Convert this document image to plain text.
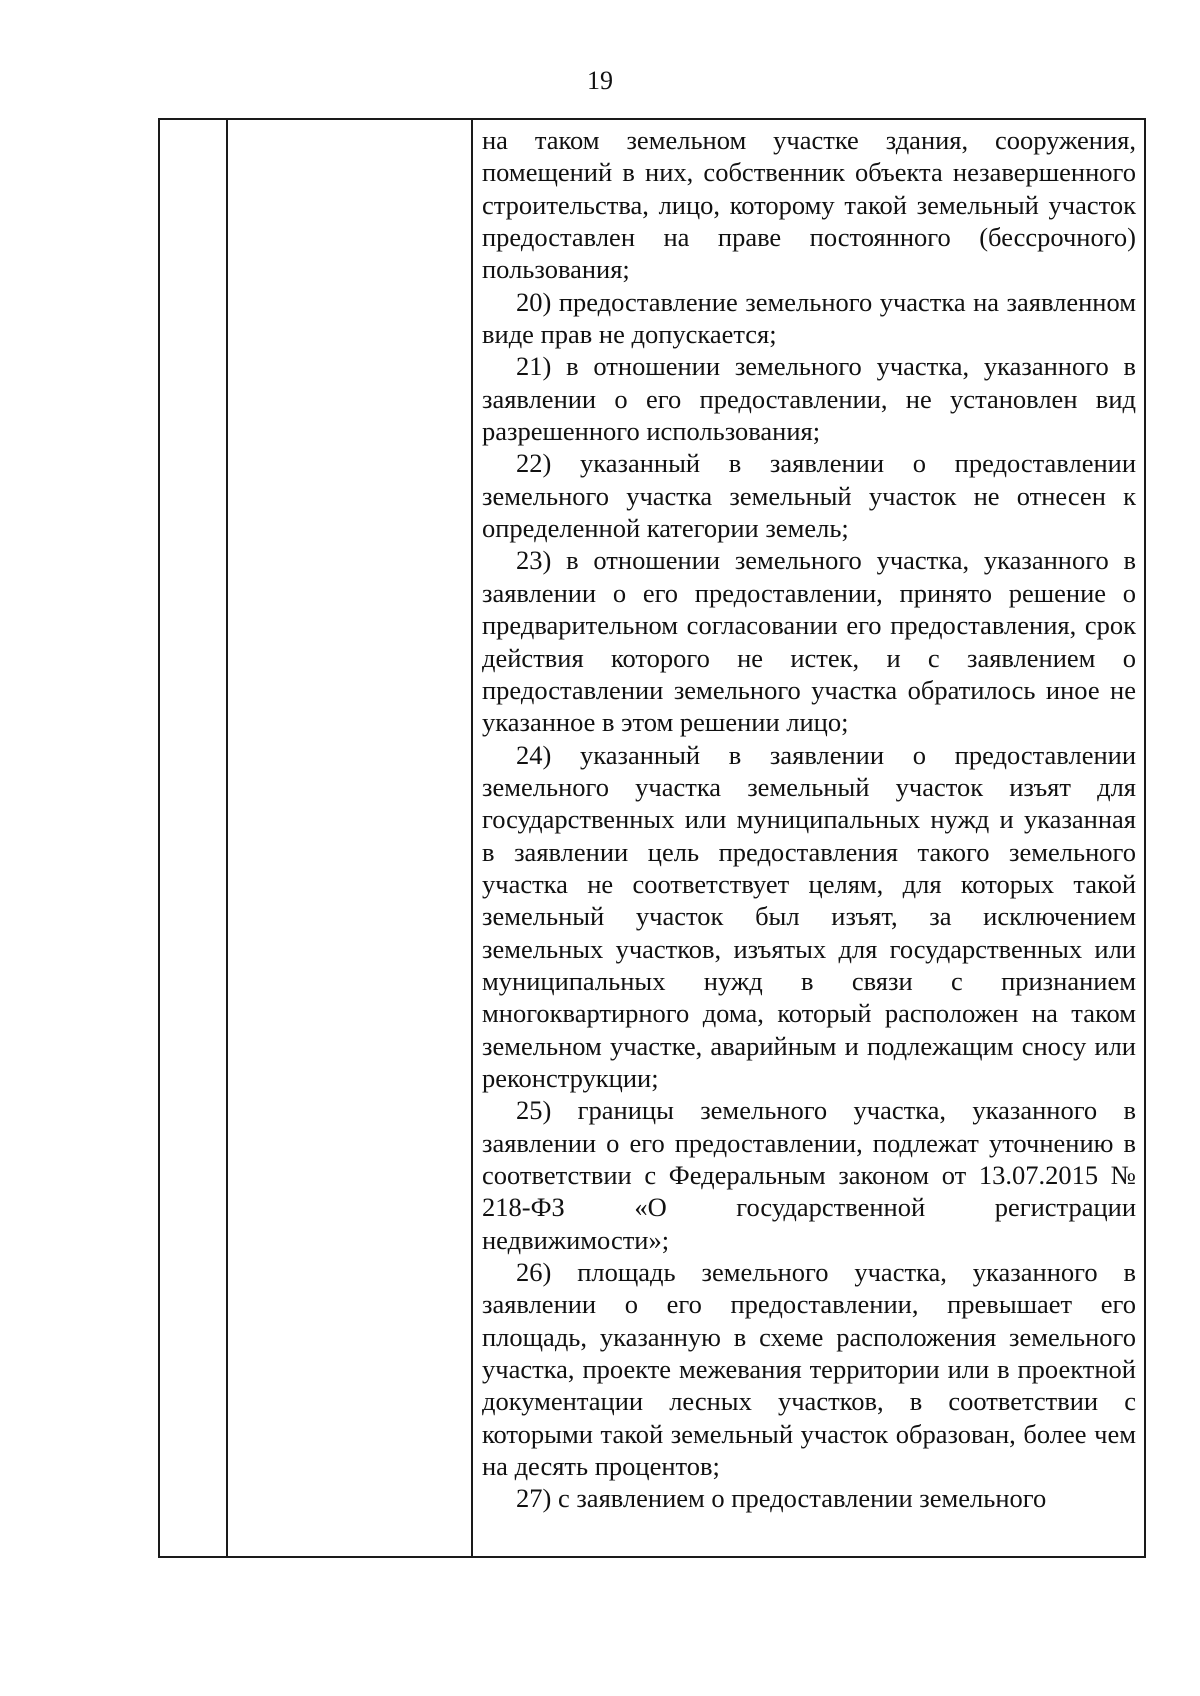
19

на таком земельном участке здания, сооружения, помещений в них, собственник объекта незавершенного строительства, лицо, которому такой земельный участок предоставлен на праве постоянного (бессрочного) пользования;

20) предоставление земельного участка на заявленном виде прав не допускается;

21) в отношении земельного участка, указанного в заявлении о его предоставлении, не установлен вид разрешенного использования;

22) указанный в заявлении о предоставлении земельного участка земельный участок не отнесен к определенной категории земель;

23) в отношении земельного участка, указанного в заявлении о его предоставлении, принято решение о предварительном согласовании его предоставления, срок действия которого не истек, и с заявлением о предоставлении земельного участка обратилось иное не указанное в этом решении лицо;

24) указанный в заявлении о предоставлении земельного участка земельный участок изъят для государственных или муниципальных нужд и указанная в заявлении цель предоставления такого земельного участка не соответствует целям, для которых такой земельный участок был изъят, за исключением земельных участков, изъятых для государственных или муниципальных нужд в связи с признанием многоквартирного дома, который расположен на таком земельном участке, аварийным и подлежащим сносу или реконструкции;

25) границы земельного участка, указанного в заявлении о его предоставлении, подлежат уточнению в соответствии с Федеральным законом от 13.07.2015 № 218-ФЗ «О государственной регистрации недвижимости»;

26) площадь земельного участка, указанного в заявлении о его предоставлении, превышает его площадь, указанную в схеме расположения земельного участка, проекте межевания территории или в проектной документации лесных участков, в соответствии с которыми такой земельный участок образован, более чем на десять процентов;

27) с заявлением о предоставлении земельного
